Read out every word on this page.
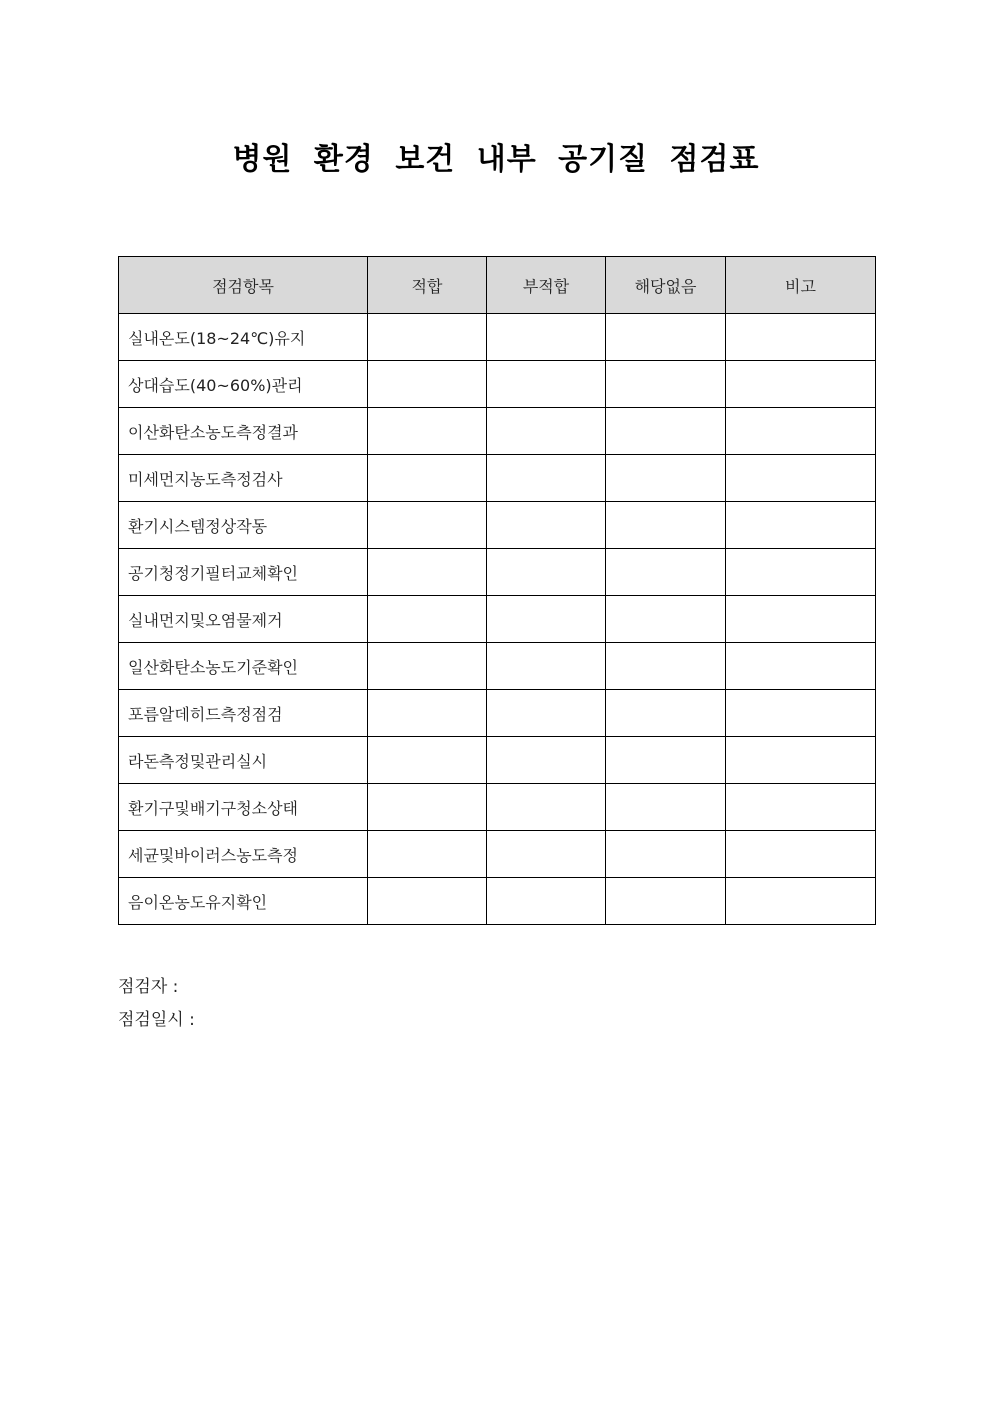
병원 환경 보건 내부 공기질 점검표
점검항목	적합	부적합	해당없음	비고
실내온도(18~24℃)유지				
상대습도(40~60%)관리				
이산화탄소농도측정결과				
미세먼지농도측정검사				
환기시스템정상작동				
공기청정기필터교체확인				
실내먼지및오염물제거				
일산화탄소농도기준확인				
포름알데히드측정점검				
라돈측정및관리실시				
환기구및배기구청소상태				
세균및바이러스농도측정				
음이온농도유지확인				
점검자 :
점검일시 :
